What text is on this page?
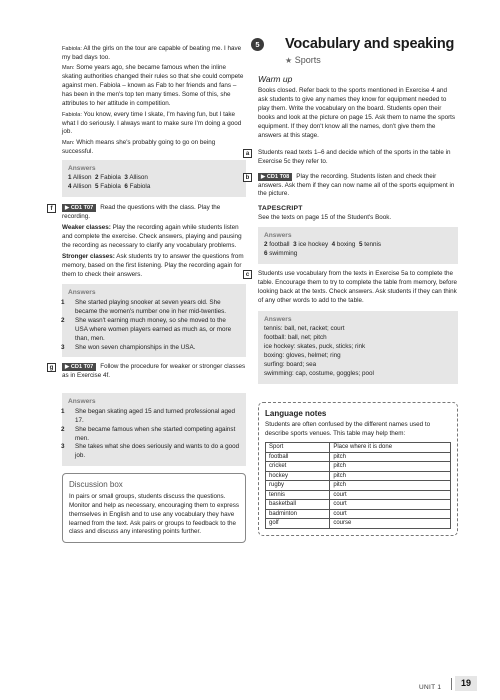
Fabiola: All the girls on the tour are capable of beating me. I have my bad days too.
Man: Some years ago, she became famous when the inline skating authorities changed their rules so that she could compete against men. Fabiola – known as Fab to her friends and fans – has been in the men's top ten many times. Some of this, she attributes to her attitude in competition.
Fabiola: You know, every time I skate, I'm having fun, but I take what I do seriously. I always want to make sure I'm doing a good job.
Man: Which means she's probably going to go on being successful.
Answers
1 Allison 2 Fabiola 3 Allison
4 Allison 5 Fabiola 6 Fabiola
f	▶ CD1 T07 Read the questions with the class. Play the recording.

Weaker classes: Play the recording again while students listen and complete the exercise. Check answers, playing and pausing the recording as necessary to clarify any vocabulary problems.

Stronger classes: Ask students try to answer the questions from memory, based on the first listening. Play the recording again for them to check their answers.

Answers
1 She started playing snooker at seven years old. She became the women's number one in her mid-twenties.
2 She wasn't earning much money, so she moved to the USA where women players earned as much as, or more than, men.
3 She won seven championships in the USA.
g	▶ CD1 T07 Follow the procedure for weaker or stronger classes as in Exercise 4f.

Answers
1 She began skating aged 15 and turned professional aged 17.
2 She became famous when she started competing against men.
3 She takes what she does seriously and wants to do a good job.
Discussion box

In pairs or small groups, students discuss the questions. Monitor and help as necessary, encouraging them to express themselves in English and to use any vocabulary they have learned from the text. Ask pairs or groups to feedback to the class and discuss any interesting points further.

5	Vocabulary and speaking
★ Sports
Warm up

Books closed. Refer back to the sports mentioned in Exercise 4 and ask students to give any names they know for equipment needed to play them. Write the vocabulary on the board. Students open their books and look at the picture on page 15. Ask them to name the sports equipment. If they don't know all the names, don't give them the answers at this stage.

a	Students read texts 1–6 and decide which of the sports in the table in Exercise 5c they refer to.

b	▶ CD1 T08 Play the recording. Students listen and check their answers. Ask them if they can now name all of the sports equipment in the picture.

TAPESCRIPT

See the texts on page 15 of the Student's Book.

Answers
2 football 3 ice hockey 4 boxing 5 tennis
6 swimming
c	Students use vocabulary from the texts in Exercise 5a to complete the table. Encourage them to try to complete the table from memory, before looking back at the texts. Check answers. Ask students if they can think of any other words to add to the table.

Answers
tennis: ball, net, racket; court
football: ball, net; pitch
ice hockey: skates, puck, sticks; rink
boxing: gloves, helmet; ring
surfing: board; sea
swimming: cap, costume, goggles; pool
Language notes

Students are often confused by the different names used to describe sports venues. This table may help them:

Sport	Place where it is done
football	pitch
cricket	pitch
hockey	pitch
rugby	pitch
tennis	court
basketball	court
badminton	court
golf	course
UNIT 1	19
